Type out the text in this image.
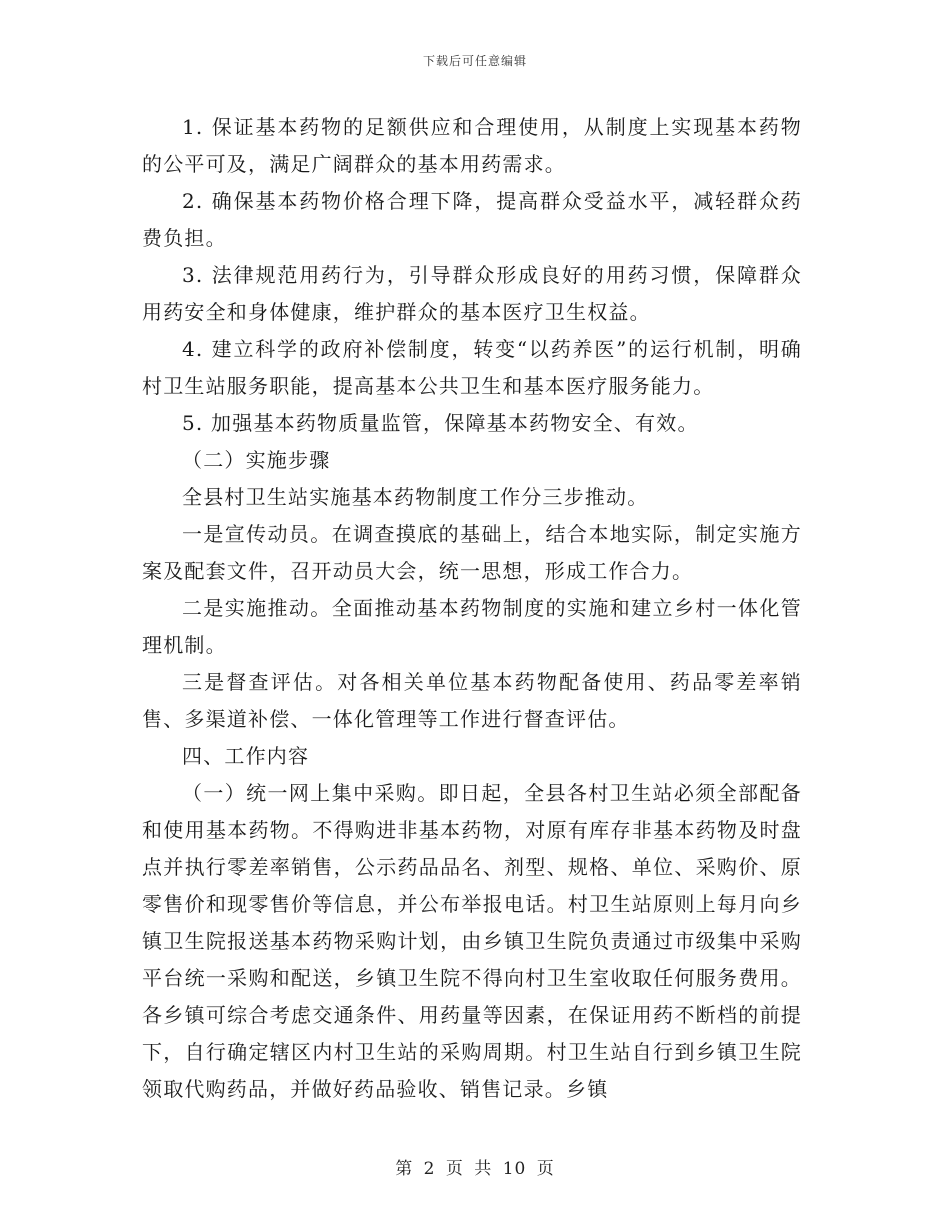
下载后可任意编辑

1. 保证基本药物的足额供应和合理使用，从制度上实现基本药物的公平可及，满足广阔群众的基本用药需求。

2. 确保基本药物价格合理下降，提高群众受益水平，减轻群众药费负担。

3. 法律规范用药行为，引导群众形成良好的用药习惯，保障群众用药安全和身体健康，维护群众的基本医疗卫生权益。

4. 建立科学的政府补偿制度，转变“以药养医”的运行机制，明确村卫生站服务职能，提高基本公共卫生和基本医疗服务能力。

5. 加强基本药物质量监管，保障基本药物安全、有效。

（二）实施步骤

全县村卫生站实施基本药物制度工作分三步推动。

一是宣传动员。在调查摸底的基础上，结合本地实际，制定实施方案及配套文件，召开动员大会，统一思想，形成工作合力。

二是实施推动。全面推动基本药物制度的实施和建立乡村一体化管理机制。

三是督查评估。对各相关单位基本药物配备使用、药品零差率销售、多渠道补偿、一体化管理等工作进行督查评估。

四、工作内容

（一）统一网上集中采购。即日起，全县各村卫生站必须全部配备和使用基本药物。不得购进非基本药物，对原有库存非基本药物及时盘点并执行零差率销售，公示药品品名、剂型、规格、单位、采购价、原零售价和现零售价等信息，并公布举报电话。村卫生站原则上每月向乡镇卫生院报送基本药物采购计划，由乡镇卫生院负责通过市级集中采购平台统一采购和配送，乡镇卫生院不得向村卫生室收取任何服务费用。各乡镇可综合考虑交通条件、用药量等因素，在保证用药不断档的前提下，自行确定辖区内村卫生站的采购周期。村卫生站自行到乡镇卫生院领取代购药品，并做好药品验收、销售记录。乡镇

第 2 页 共 10 页
